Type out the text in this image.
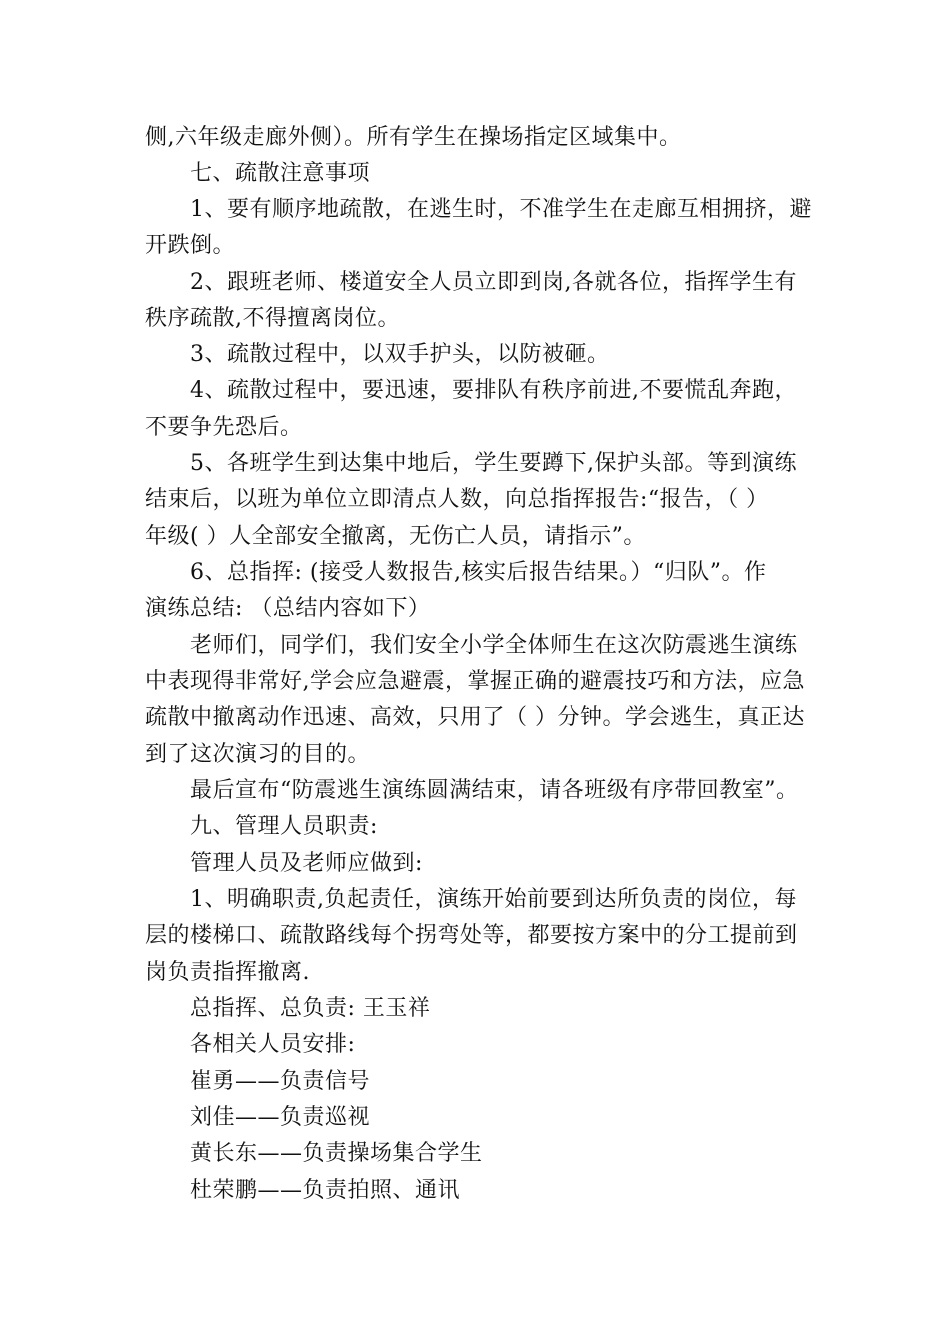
侧,六年级走廊外侧）。所有学生在操场指定区域集中。
七、疏散注意事项
1、要有顺序地疏散，在逃生时，不准学生在走廊互相拥挤，避
开跌倒。
2、跟班老师、楼道安全人员立即到岗,各就各位，指挥学生有
秩序疏散,不得擅离岗位。
3、疏散过程中，以双手护头，以防被砸。
4、疏散过程中，要迅速，要排队有秩序前进,不要慌乱奔跑，
不要争先恐后。
5、各班学生到达集中地后，学生要蹲下,保护头部。等到演练
结束后，以班为单位立即清点人数，向总指挥报告:“报告，（ ）
年级( ）人全部安全撤离，无伤亡人员，请指示”。
6、总指挥: (接受人数报告,核实后报告结果。）“归队”。作
演练总结: （总结内容如下）
老师们，同学们，我们安全小学全体师生在这次防震逃生演练
中表现得非常好,学会应急避震，掌握正确的避震技巧和方法，应急
疏散中撤离动作迅速、高效，只用了（ ）分钟。学会逃生，真正达
到了这次演习的目的。
最后宣布“防震逃生演练圆满结束，请各班级有序带回教室”。
九、管理人员职责:
管理人员及老师应做到:
1、明确职责,负起责任，演练开始前要到达所负责的岗位，每
层的楼梯口、疏散路线每个拐弯处等，都要按方案中的分工提前到
岗负责指挥撤离.
总指挥、总负责: 王玉祥
各相关人员安排:
崔勇——负责信号
刘佳——负责巡视
黄长东——负责操场集合学生
杜荣鹏——负责拍照、通讯
